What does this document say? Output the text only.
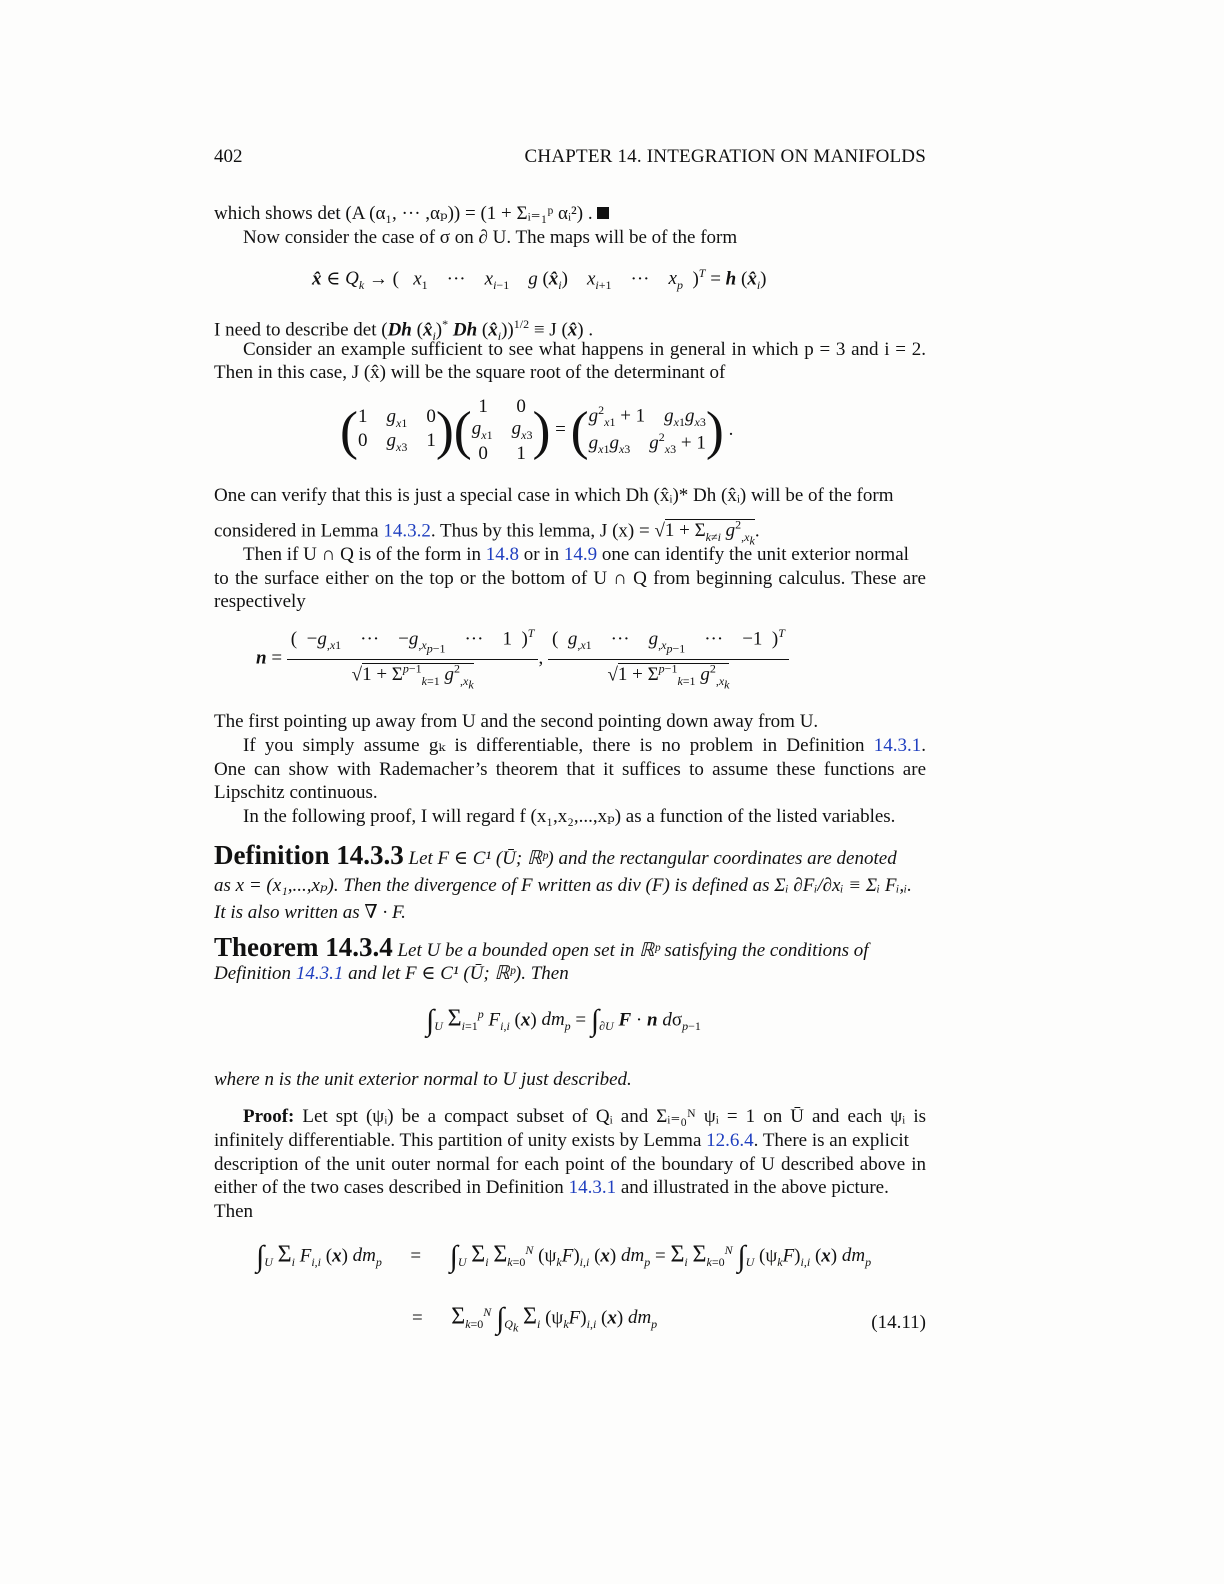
402	CHAPTER 14. INTEGRATION ON MANIFOLDS
which shows det (A (α₁, ··· ,αₚ)) = (1 + Σᵢ₌₁ᵖ αᵢ²) .
Now consider the case of σ on ∂ U. The maps will be of the form
x̂ ∈ $Q_k$ → (   $x_1$    ···    $x_{i-1}$ g $(x̂_i)$    $x_{i+1}$    ···    $x_p$  )$^T$ = h $(x̂_i)$
I need to describe det (Dh $(x̂_i)^*$ Dh $(x̂_i))^{1/2} \equiv J$ (x̂) .
Consider an example sufficient to see what happens in general in which p = 3 and i = 2.
Then in this case, J (x̂) will be the square root of the determinant of
( 1    $g_{x1}$    0
0    $g_{x3}$    1 )( 1      0
$g_{x1}$ $g_{x3}$
0      1 ) = ( $g^2_{x1} + 1$    $g_{x1}g_{x3}$
$g_{x1}g_{x3}$ $g^2_{x3} + 1$ ) .
One can verify that this is just a special case in which Dh (x̂ᵢ)* Dh (x̂ᵢ) will be of the form
considered in Lemma 14.3.2. Thus by this lemma, J $(x) = √1 + \Sigma_{k\ne i}$ $g^2_{,x_k}$.
Then if U ∩ Q is of the form in 14.8 or in 14.9 one can identify the unit exterior normal
to the surface either on the top or the bottom of U ∩ Q from beginning calculus. These are
respectively
$n = \frac{( -g_{,x1} \cdot\cdot\cdot -g_{,x_{p-1}} \cdot\cdot\cdot 1 )^T}{√1 + \Sigma^{p-1}_{k=1} g^2_{,x_k}}$ , $\frac{( g_{,x1} \cdot\cdot\cdot g_{,x_{p-1}} \cdot\cdot\cdot -1 )^T}{√1 + \Sigma^{p-1}_{k=1} g^2_{,x_k}}$
The first pointing up away from U and the second pointing down away from U.
If you simply assume gₖ is differentiable, there is no problem in Definition 14.3.1.
One can show with Rademacher’s theorem that it suffices to assume these functions are
Lipschitz continuous.
In the following proof, I will regard f (x₁,x₂,...,xₚ) as a function of the listed variables.
Definition 14.3.3 Let F ∈ C¹ (Ū; ℝᵖ) and the rectangular coordinates are denoted
as x = (x₁,...,xₚ). Then the divergence of F written as div (F) is defined as Σᵢ ∂Fᵢ/∂xᵢ ≡ Σᵢ Fᵢ,ᵢ.
It is also written as ∇ · F.
Theorem 14.3.4 Let U be a bounded open set in ℝᵖ satisfying the conditions of
Definition 14.3.1 and let F ∈ C¹ (Ū; ℝᵖ). Then
$\int_U$ $\Sigma_{i=1}^p$ $F_{i,i}$ (x) $dm_p = \int_{\partial U}$ F · n $d\sigma_{p-1}$
where n is the unit exterior normal to U just described.
Proof: Let spt (ψᵢ) be a compact subset of Qᵢ and Σᵢ₌₀ᴺ ψᵢ = 1 on Ū and each ψᵢ is
infinitely differentiable. This partition of unity exists by Lemma 12.6.4. There is an explicit
description of the unit outer normal for each point of the boundary of U described above in
either of the two cases described in Definition 14.3.1 and illustrated in the above picture.
Then
$\int_U$ $\Sigma_i$ $F_{i,i}$ (x) $dm_p$      =      $\int_U$ $\Sigma_i$ $\Sigma_{k=0}^N$ $(\psi_kF)_{i,i}$ (x) $dm_p = \Sigma_i$ $\Sigma_{k=0}^N$ $\int_U$ $(\psi_kF)_{i,i}$ (x) $dm_p$
=      $\Sigma_{k=0}^N$ $\int_{Q_k}$ $\Sigma_i$ $(\psi_kF)_{i,i}$ (x) $dm_p$	(14.11)
